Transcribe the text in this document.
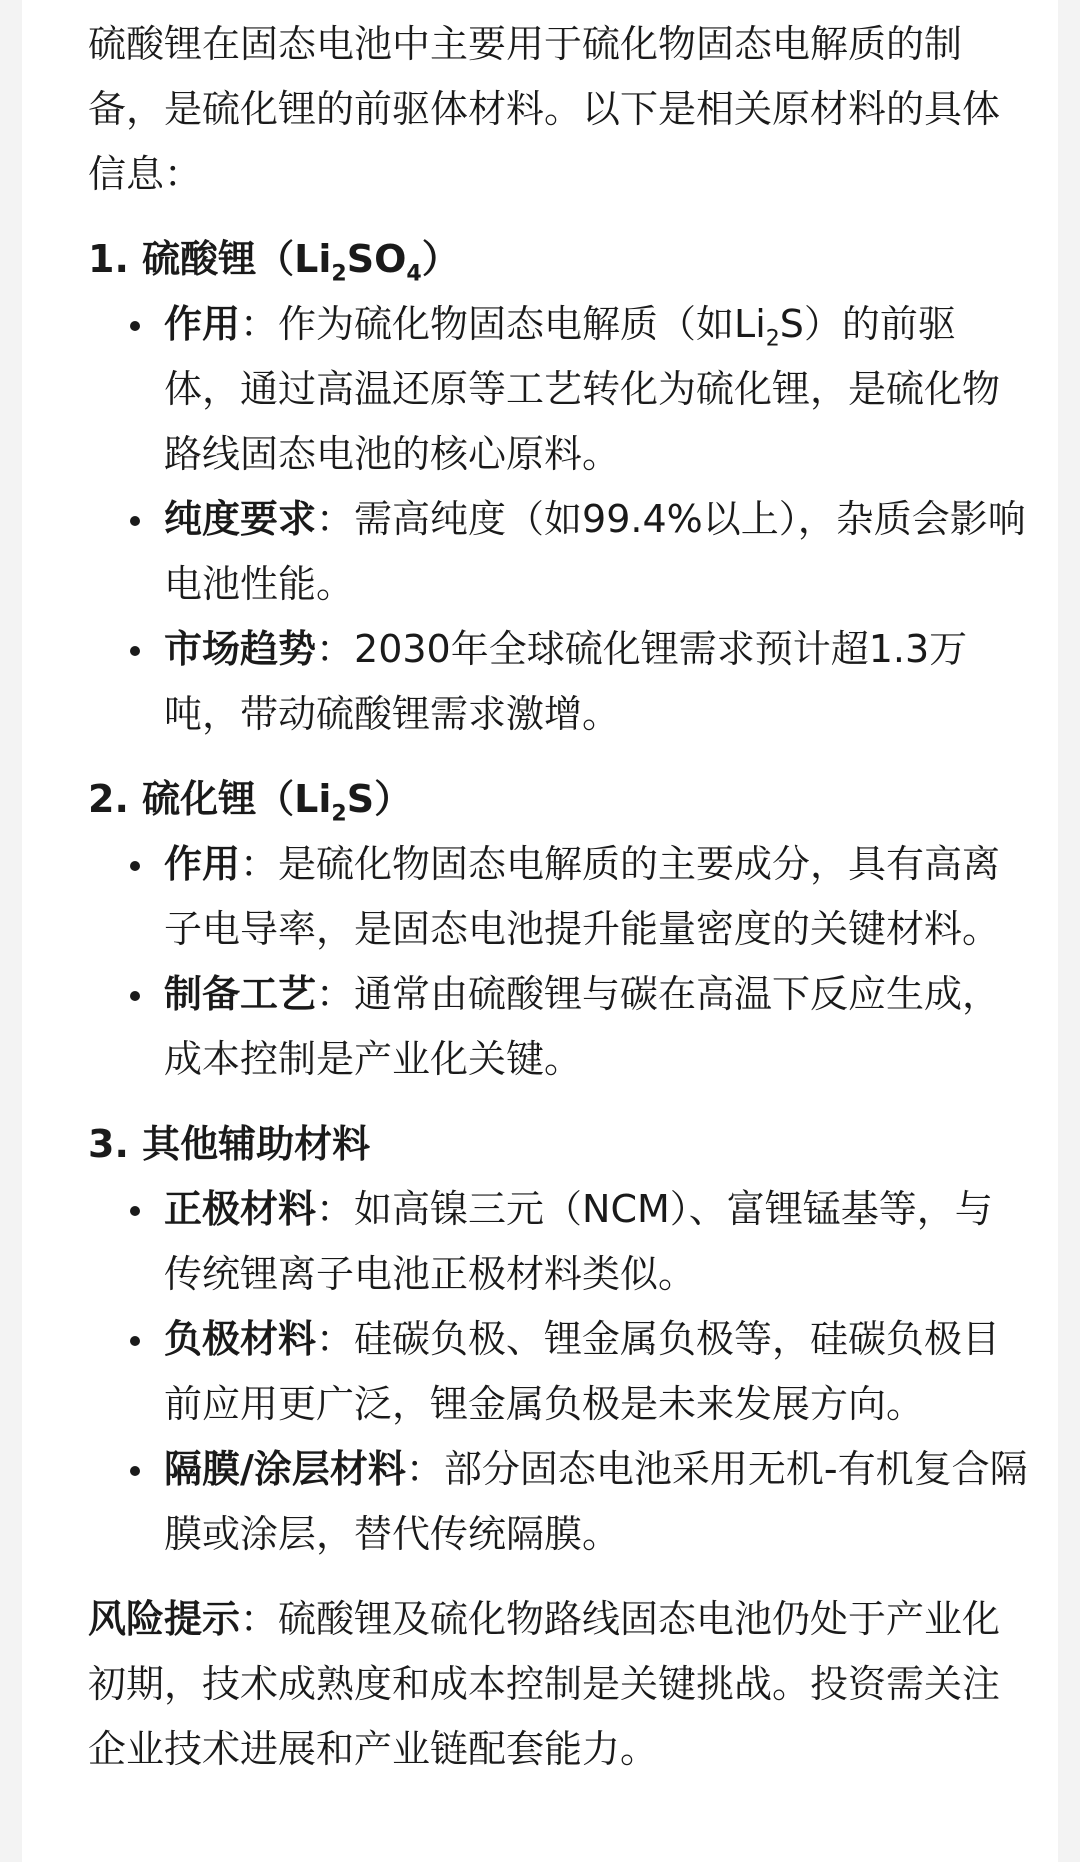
硫酸锂在固态电池中主要用于硫化物固态电解质的制备，是硫化锂的前驱体材料。以下是相关原材料的具体信息：

1. 硫酸锂$(Li_2SO_4)$

作用：作为硫化物固态电解质（如$Li_2S$）的前驱体，通过高温还原等工艺转化为硫化锂，是硫化物路线固态电池的核心原料。
纯度要求：需高纯度（如99.4%以上），杂质会影响电池性能。
市场趋势：2030年全球硫化锂需求预计超1.3万吨，带动硫酸锂需求激增。

2. 硫化锂$(Li_2S)$

作用：是硫化物固态电解质的主要成分，具有高离子电导率，是固态电池提升能量密度的关键材料。
制备工艺：通常由硫酸锂与碳在高温下反应生成，成本控制是产业化关键。

3. 其他辅助材料

正极材料：如高镍三元（NCM）、富锂锰基等，与传统锂离子电池正极材料类似。
负极材料：硅碳负极、锂金属负极等，硅碳负极目前应用更广泛，锂金属负极是未来发展方向。
隔膜/涂层材料：部分固态电池采用无机-有机复合隔膜或涂层，替代传统隔膜。

风险提示：硫酸锂及硫化物路线固态电池仍处于产业化初期，技术成熟度和成本控制是关键挑战。投资需关注企业技术进展和产业链配套能力。
